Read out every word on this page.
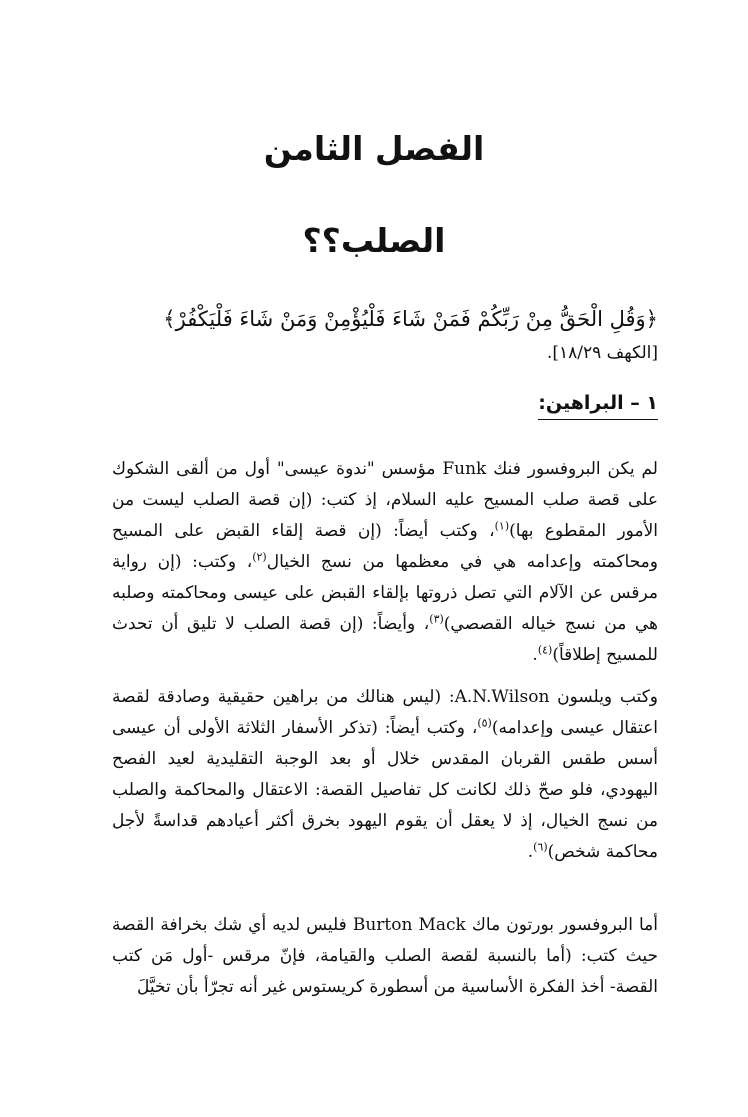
الفصل الثامن
الصلب؟؟
﴿وَقُلِ الْحَقُّ مِنْ رَبِّكُمْ فَمَنْ شَاءَ فَلْيُؤْمِنْ وَمَنْ شَاءَ فَلْيَكْفُرْ﴾
[الكهف ١٨/٢٩].
١ – البراهين:

لم يكن البروفسور فنك Funk مؤسس "ندوة عيسى" أول من ألقى الشكوك على قصة صلب المسيح عليه السلام، إذ كتب: (إن قصة الصلب ليست من الأمور المقطوع بها)$^{(١)}$، وكتب أيضاً: (إن قصة إلقاء القبض على المسيح ومحاكمته وإعدامه هي في معظمها من نسج الخيال$^{(٢)}$، وكتب: (إن رواية مرقس عن الآلام التي تصل ذروتها بإلقاء القبض على عيسى ومحاكمته وصلبه هي من نسج خياله القصصي)$^{(٣)}$، وأيضاً: (إن قصة الصلب لا تليق أن تحدث للمسيح إطلاقاً)$^{(٤)}$.

وكتب ويلسون A.N.Wilson: (ليس هنالك من براهين حقيقية وصادقة لقصة اعتقال عيسى وإعدامه)$^{(٥)}$، وكتب أيضاً: (تذكر الأسفار الثلاثة الأولى أن عيسى أسس طقس القربان المقدس خلال أو بعد الوجبة التقليدية لعيد الفصح اليهودي، فلو صحّ ذلك لكانت كل تفاصيل القصة: الاعتقال والمحاكمة والصلب من نسج الخيال، إذ لا يعقل أن يقوم اليهود بخرق أكثر أعيادهم قداسةً لأجل محاكمة شخص)$^{(٦)}$.

أما البروفسور بورتون ماك Burton Mack فليس لديه أي شك بخرافة القصة حيث كتب: (أما بالنسبة لقصة الصلب والقيامة، فإنّ مرقس -أول مَن كتب القصة- أخذ الفكرة الأساسية من أسطورة كريستوس غير أنه تجرّأ بأن تخيَّلَ
